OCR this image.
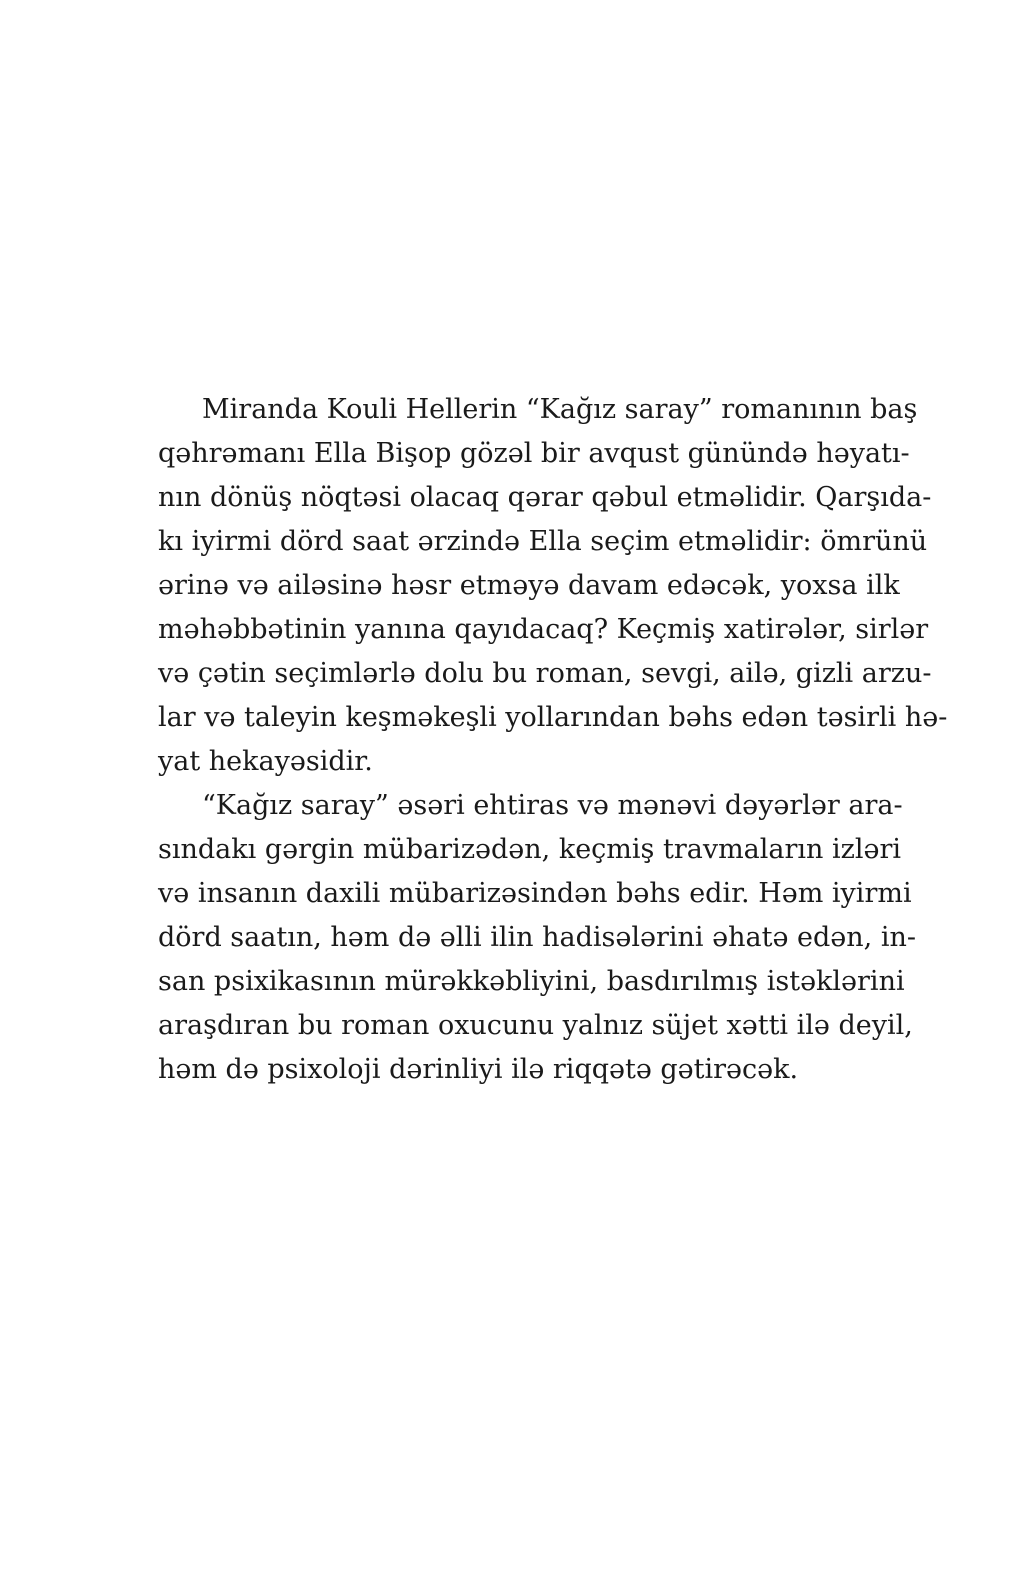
Miranda Kouli Hellerin “Kağız saray” romanının baş
qəhrəmanı Ella Bişop gözəl bir avqust günündə həyatı-
nın dönüş nöqtəsi olacaq qərar qəbul etməlidir. Qarşıda-
kı iyirmi dörd saat ərzində Ella seçim etməlidir: ömrünü
ərinə və ailəsinə həsr etməyə davam edəcək, yoxsa ilk
məhəbbətinin yanına qayıdacaq? Keçmiş xatirələr, sirlər
və çətin seçimlərlə dolu bu roman, sevgi, ailə, gizli arzu-
lar və taleyin keşməkeşli yollarından bəhs edən təsirli hə-
yat hekayəsidir.
“Kağız saray” əsəri ehtiras və mənəvi dəyərlər ara-
sındakı gərgin mübarizədən, keçmiş travmaların izləri
və insanın daxili mübarizəsindən bəhs edir. Həm iyirmi
dörd saatın, həm də əlli ilin hadisələrini əhatə edən, in-
san psixikasının mürəkkəbliyini, basdırılmış istəklərini
araşdıran bu roman oxucunu yalnız süjet xətti ilə deyil,
həm də psixoloji dərinliyi ilə riqqətə gətirəcək.
